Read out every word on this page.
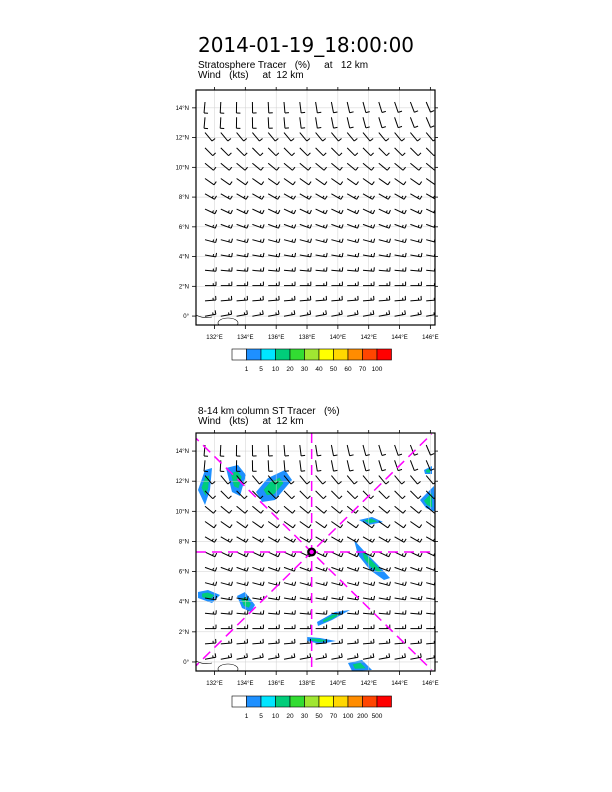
2014-01-19_18:00:00
Stratosphere Tracer   (%)     at   12 km
Wind   (kts)     at  12 km
8-14 km column ST Tracer   (%)
Wind   (kts)     at  12 km
132°E 134°E 136°E 138°E 140°E 142°E 144°E 146°E
0°
2°N
4°N
6°N
8°N
10°N
12°N
14°N
1 5 10 20 30 40 50 60 70 100
132°E 134°E 136°E 138°E 140°E 142°E 144°E 146°E
0°
2°N
4°N
6°N
8°N
10°N
12°N
14°N
1 5 10 20 30 50 70 100 200 500
